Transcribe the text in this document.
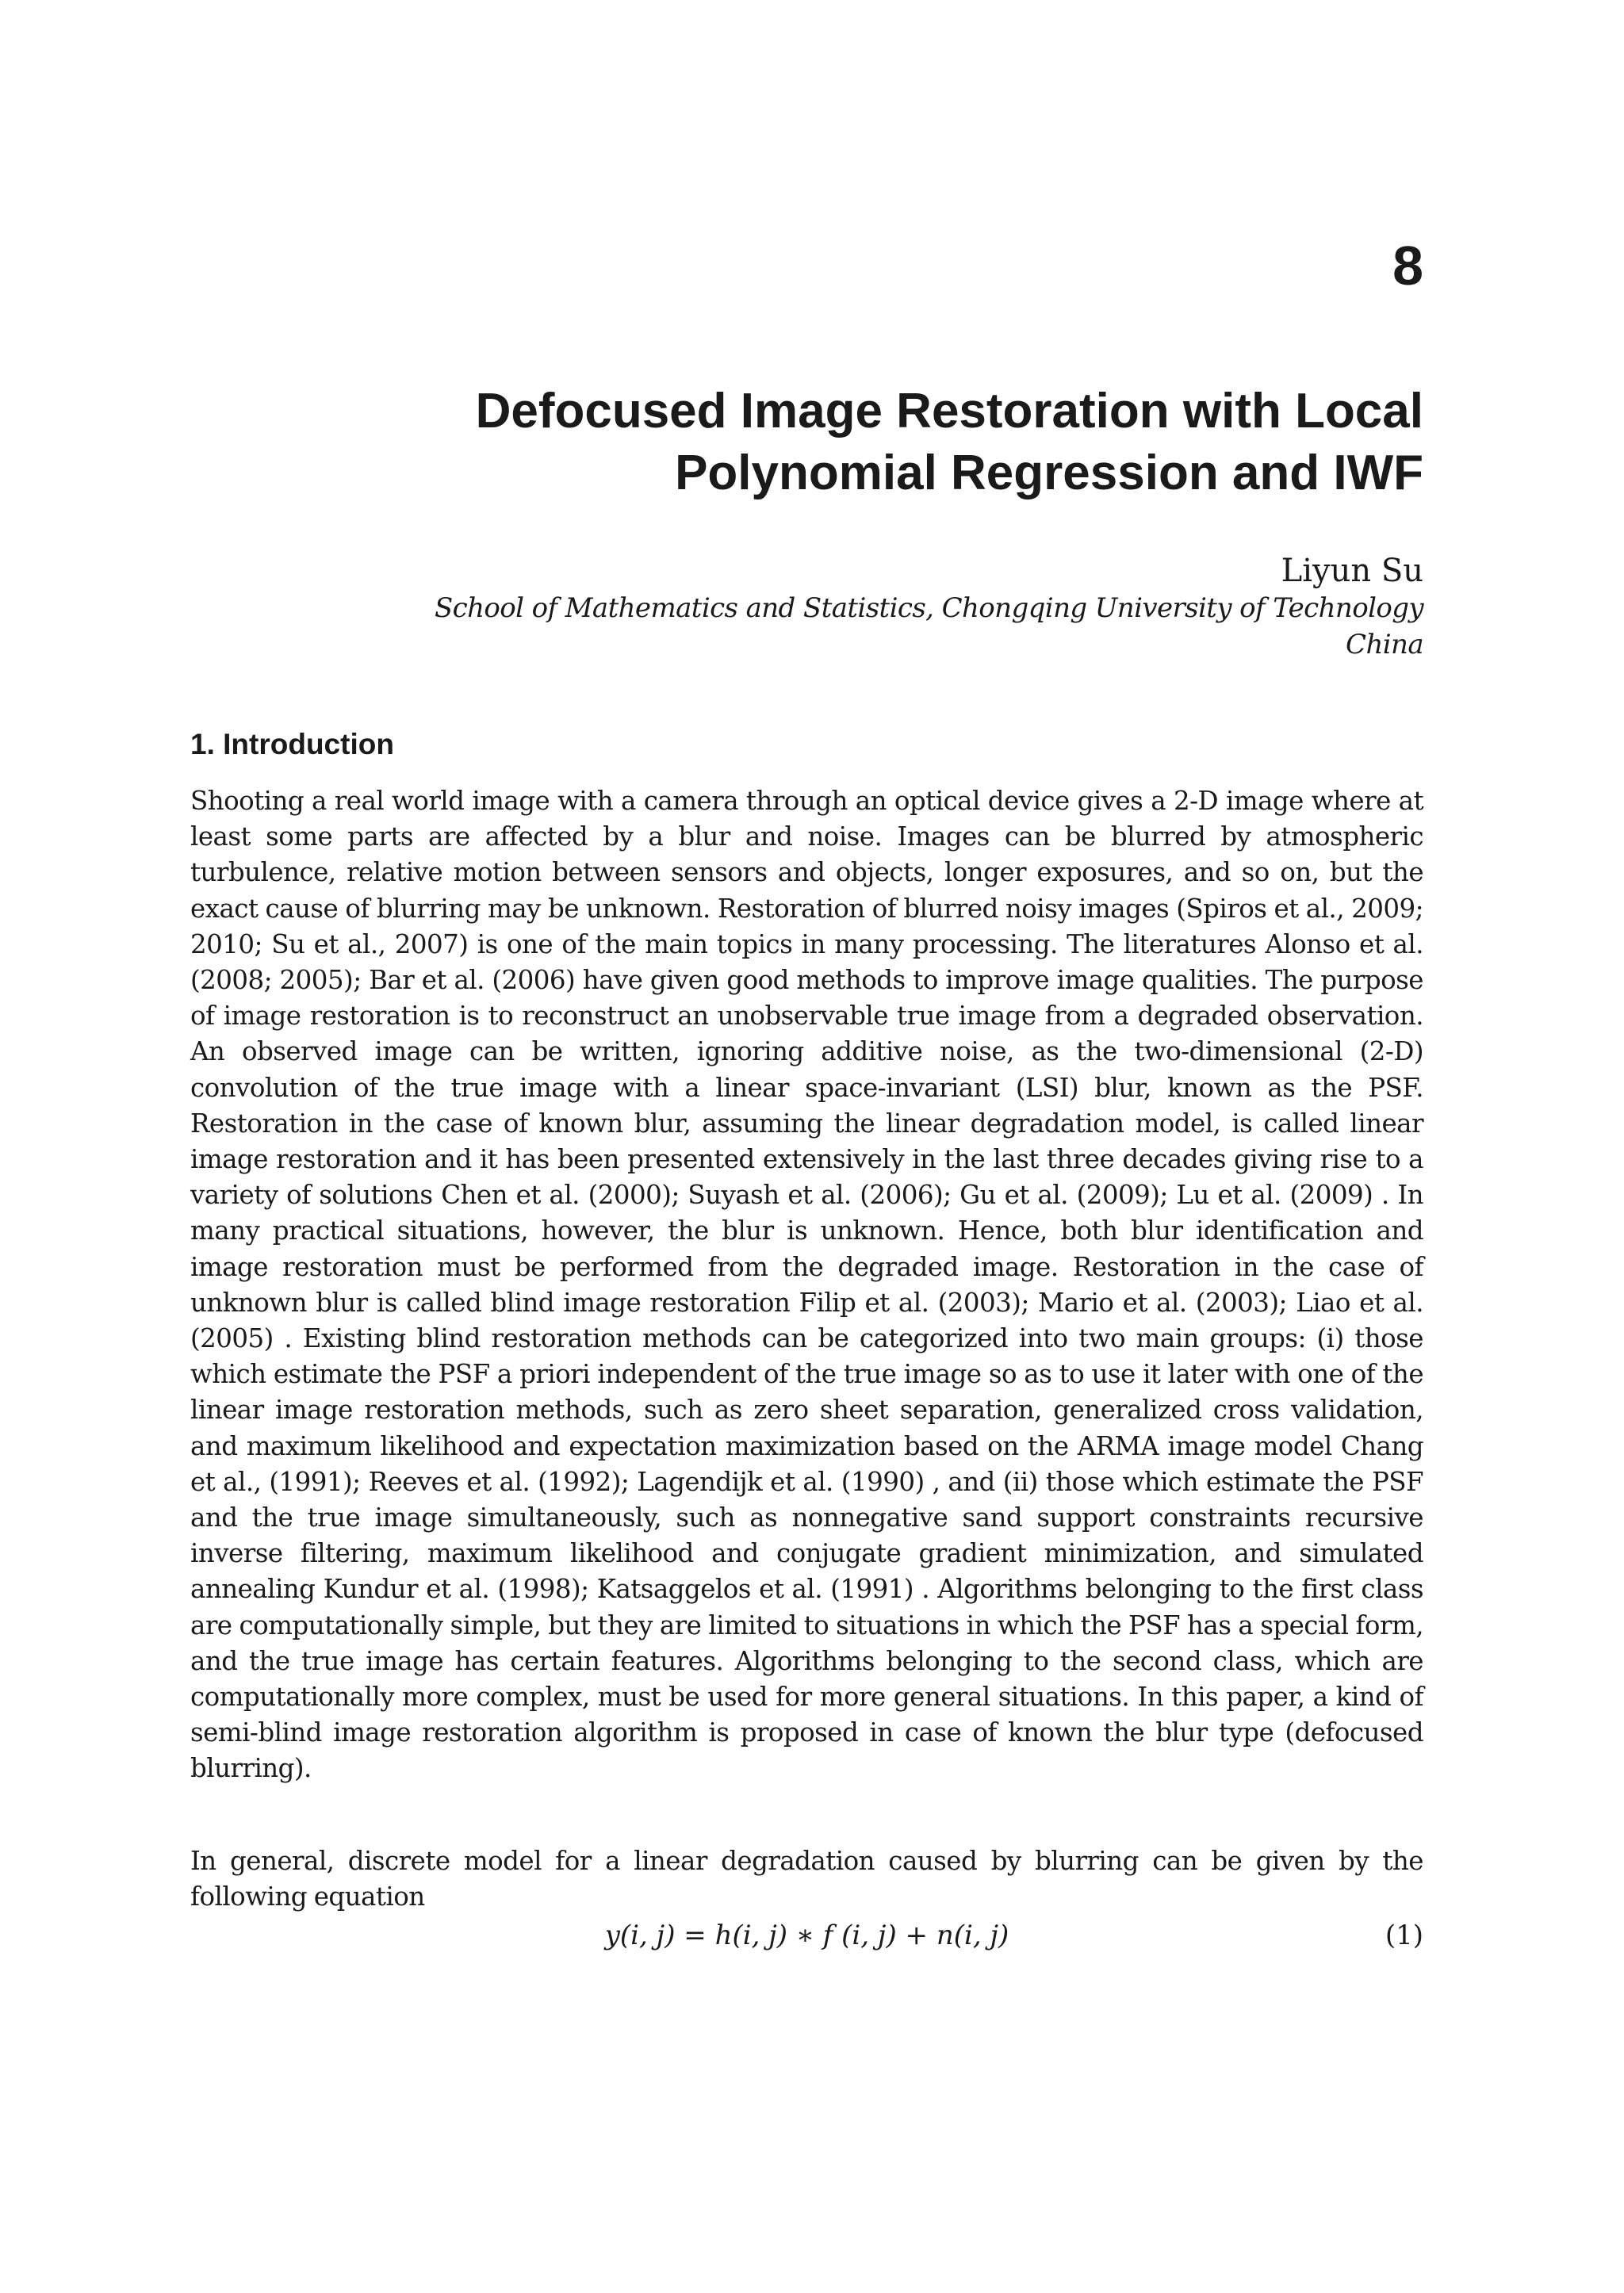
8
Defocused Image Restoration with Local
Polynomial Regression and IWF
Liyun Su
School of Mathematics and Statistics, Chongqing University of Technology
China
1. Introduction

Shooting a real world image with a camera through an optical device gives a 2-D image where at least some parts are affected by a blur and noise. Images can be blurred by atmospheric turbulence, relative motion between sensors and objects, longer exposures, and so on, but the exact cause of blurring may be unknown. Restoration of blurred noisy images (Spiros et al., 2009; 2010; Su et al., 2007) is one of the main topics in many processing. The literatures Alonso et al. (2008; 2005); Bar et al. (2006) have given good methods to improve image qualities. The purpose of image restoration is to reconstruct an unobservable true image from a degraded observation. An observed image can be written, ignoring additive noise, as the two-dimensional (2-D) convolution of the true image with a linear space-invariant (LSI) blur, known as the PSF. Restoration in the case of known blur, assuming the linear degradation model, is called linear image restoration and it has been presented extensively in the last three decades giving rise to a variety of solutions Chen et al. (2000); Suyash et al. (2006); Gu et al. (2009); Lu et al. (2009) . In many practical situations, however, the blur is unknown. Hence, both blur identification and image restoration must be performed from the degraded image. Restoration in the case of unknown blur is called blind image restoration Filip et al. (2003); Mario et al. (2003); Liao et al. (2005) . Existing blind restoration methods can be categorized into two main groups: (i) those which estimate the PSF a priori independent of the true image so as to use it later with one of the linear image restoration methods, such as zero sheet separation, generalized cross validation, and maximum likelihood and expectation maximization based on the ARMA image model Chang et al., (1991); Reeves et al. (1992); Lagendijk et al. (1990) , and (ii) those which estimate the PSF and the true image simultaneously, such as nonnegative sand support constraints recursive inverse filtering, maximum likelihood and conjugate gradient minimization, and simulated annealing Kundur et al. (1998); Katsaggelos et al. (1991) . Algorithms belonging to the first class are computationally simple, but they are limited to situations in which the PSF has a special form, and the true image has certain features. Algorithms belonging to the second class, which are computationally more complex, must be used for more general situations. In this paper, a kind of semi-blind image restoration algorithm is proposed in case of known the blur type (defocused blurring).

In general, discrete model for a linear degradation caused by blurring can be given by the following equation

y(i, j) = h(i, j) ∗ f (i, j) + n(i, j)	(1)
